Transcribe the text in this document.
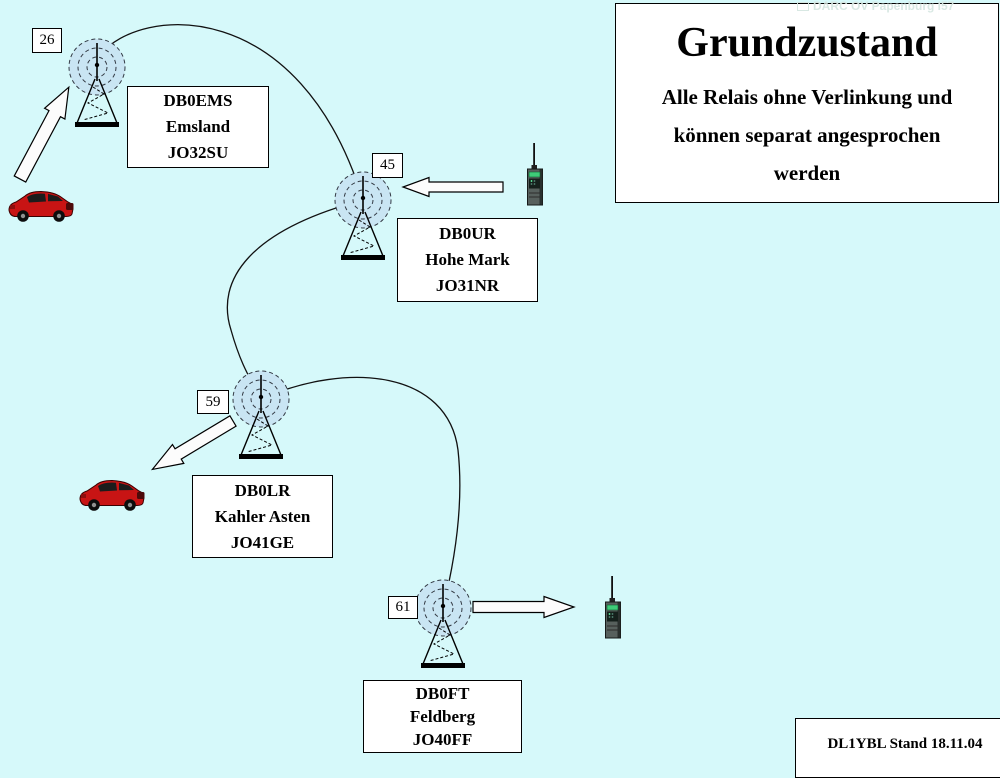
DARC OV Papenburg I57
Grundzustand
Alle Relais ohne Verlinkung und
können separat angesprochen
werden
26
45
59
61
DB0EMS
Emsland
JO32SU
DB0UR
Hohe Mark
JO31NR
DB0LR
Kahler Asten
JO41GE
DB0FT
Feldberg
JO40FF	DL1YBL Stand 18.11.04
